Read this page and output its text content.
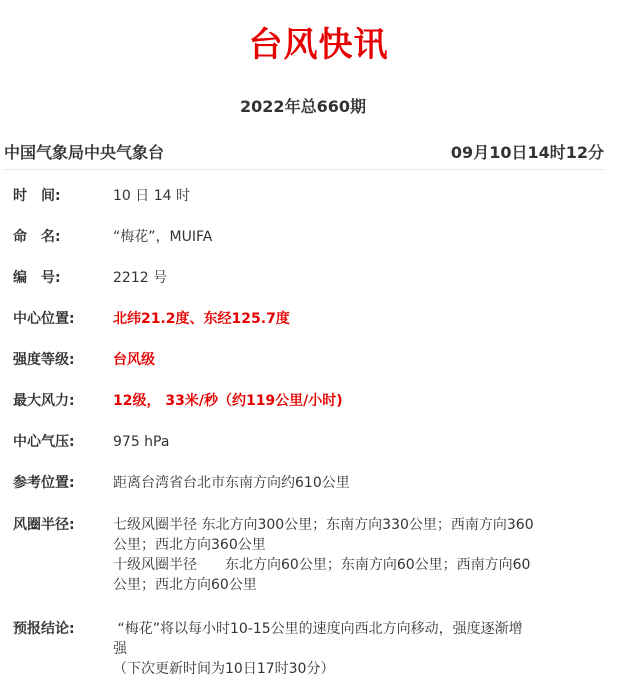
台风快讯
2022年总660期
中国气象局中央气象台	09月10日14时12分
时　间:	10 日 14 时
命　名:	“梅花”，MUIFA
编　号:	2212 号
中心位置:	北纬21.2度、东经125.7度
强度等级:	台风级
最大风力:	12级， 33米/秒（约119公里/小时)
中心气压:	975 hPa
参考位置:	距离台湾省台北市东南方向约610公里
风圈半径:	七级风圈半径 东北方向300公里；东南方向330公里；西南方向360
公里；西北方向360公里
十级风圈半径　　东北方向60公里；东南方向60公里；西南方向60
公里；西北方向60公里
预报结论:	“梅花”将以每小时10-15公里的速度向西北方向移动，强度逐渐增
强
（下次更新时间为10日17时30分）
